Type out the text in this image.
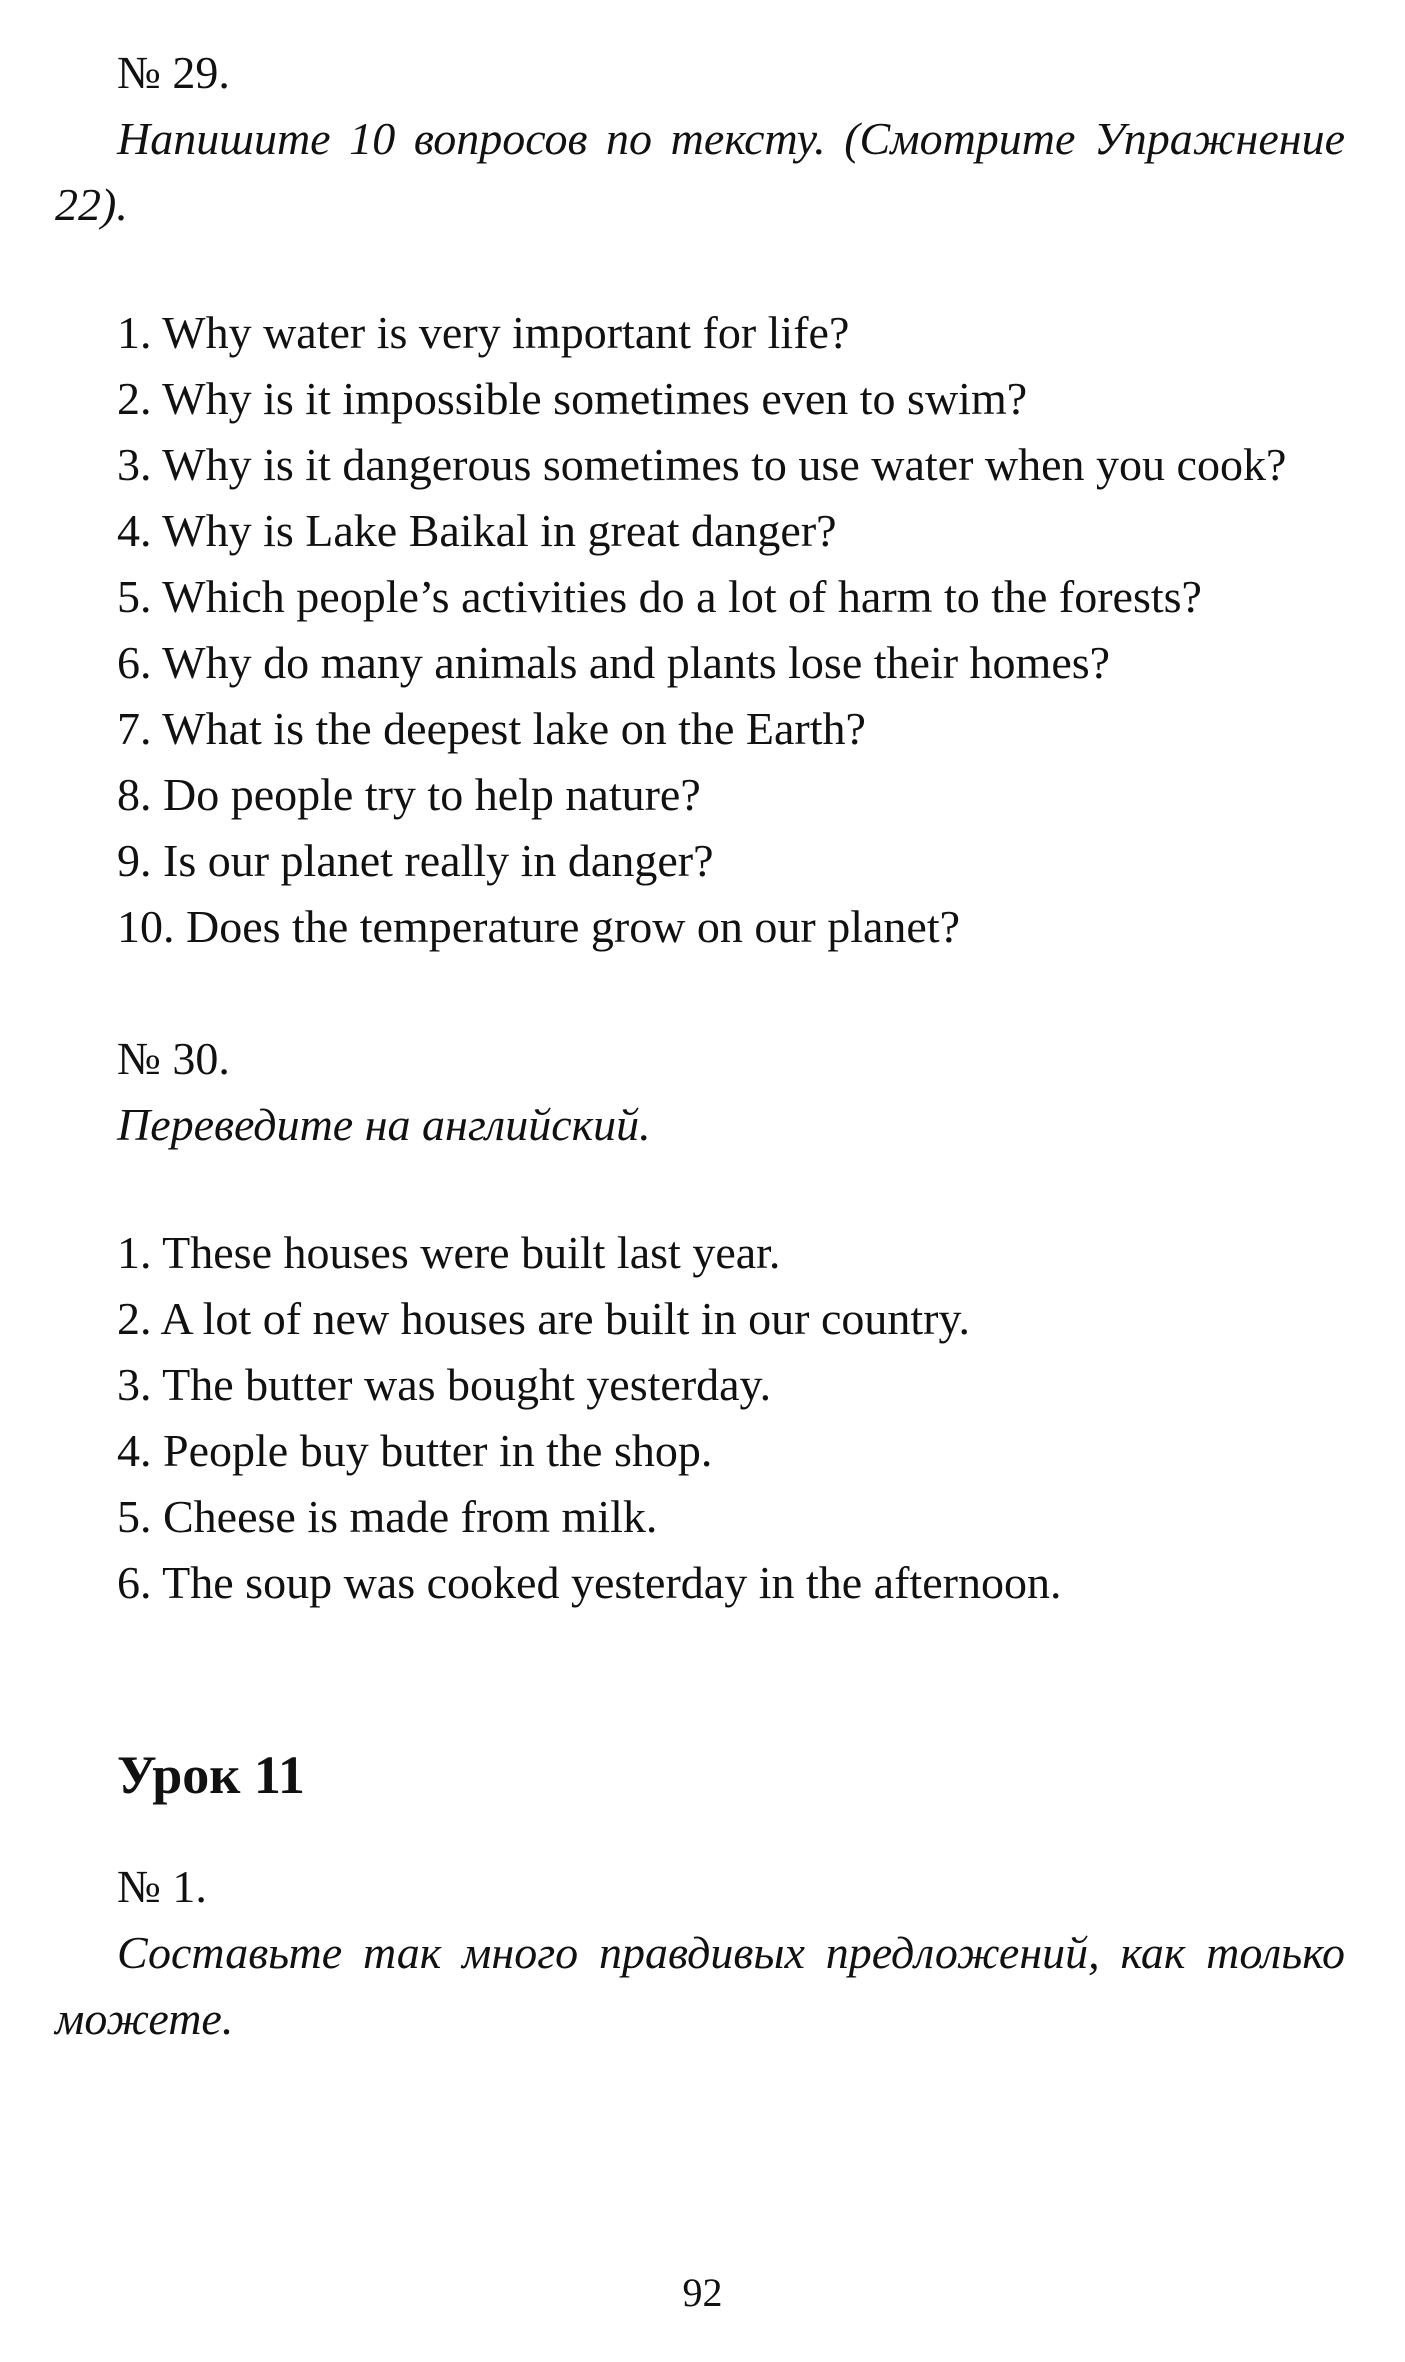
№ 29.
Напишите 10 вопросов по тексту. (Смотрите Упражнение 22).
1. Why water is very important for life?
2. Why is it impossible sometimes even to swim?
3. Why is it dangerous sometimes to use water when you cook?
4. Why is Lake Baikal in great danger?
5. Which people’s activities do a lot of harm to the forests?
6. Why do many animals and plants lose their homes?
7. What is the deepest lake on the Earth?
8. Do people try to help nature?
9. Is our planet really in danger?
10. Does the temperature grow on our planet?
№ 30.
Переведите на английский.
1. These houses were built last year.
2. A lot of new houses are built in our country.
3. The butter was bought yesterday.
4. People buy butter in the shop.
5. Cheese is made from milk.
6. The soup was cooked yesterday in the afternoon.
Урок 11
№ 1.
Составьте так много правдивых предложений, как только можете.
92
